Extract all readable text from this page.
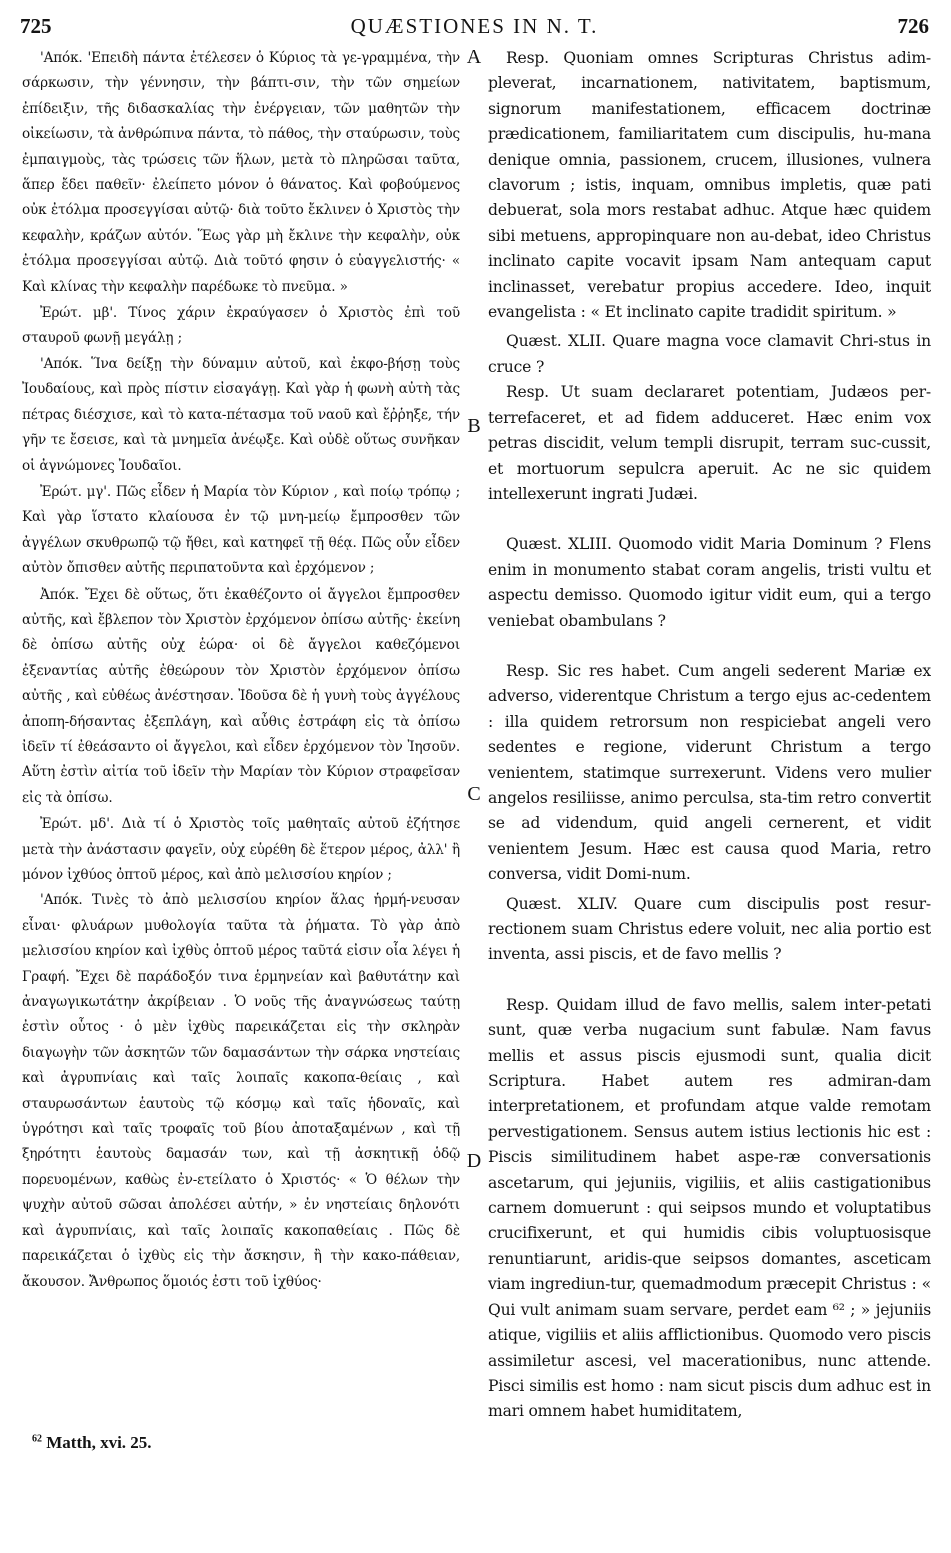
725	QUÆSTIONES IN N. T.	726

'Απόκ. 'Επειδὴ πάντα ἐτέλεσεν ὁ Κύριος τὰ γε-γραμμένα, τὴν σάρκωσιν, τὴν γέννησιν, τὴν βάπτι-σιν, τὴν τῶν σημείων ἐπίδειξιν, τῆς διδασκαλίας τὴν ἐνέργειαν, τῶν μαθητῶν τὴν οἰκείωσιν, τὰ ἀνθρώπινα πάντα, τὸ πάθος, τὴν σταύρωσιν, τοὺς ἐμπαιγμοὺς, τὰς τρώσεις τῶν ἥλων, μετὰ τὸ πληρῶσαι ταῦτα, ἅπερ ἔδει παθεῖν· ἐλείπετο μόνον ὁ θάνατος. Καὶ φοβούμενος οὐκ ἐτόλμα προσεγγίσαι αὐτῷ· διὰ τοῦτο ἔκλινεν ὁ Χριστὸς τὴν κεφαλὴν, κράζων αὐτόν. Ἕως γὰρ μὴ ἔκλινε τὴν κεφαλὴν, οὐκ ἐτόλμα προσεγγίσαι αὐτῷ. Διὰ τοῦτό φησιν ὁ εὐαγγελιστής· « Καὶ κλίνας τὴν κεφαλὴν παρέδωκε τὸ πνεῦμα. »

Ἐρώτ. μβ'. Τίνος χάριν ἐκραύγασεν ὁ Χριστὸς ἐπὶ τοῦ σταυροῦ φωνῇ μεγάλῃ ;

'Απόκ. Ἵνα δείξῃ τὴν δύναμιν αὐτοῦ, καὶ ἐκφο-βήσῃ τοὺς Ἰουδαίους, καὶ πρὸς πίστιν εἰσαγάγῃ. Καὶ γὰρ ἡ φωνὴ αὐτὴ τὰς πέτρας διέσχισε, καὶ τὸ κατα-πέτασμα τοῦ ναοῦ καὶ ἔῤῥηξε, τήν γῆν τε ἔσεισε, καὶ τὰ μνημεῖα ἀνέῳξε. Καὶ οὐδὲ οὕτως συνῆκαν οἱ ἀγνώμονες Ἰουδαῖοι.

Ἐρώτ. μγ'. Πῶς εἶδεν ἡ Μαρία τὸν Κύριον , καὶ ποίῳ τρόπῳ ; Καὶ γὰρ ἵστατο κλαίουσα ἐν τῷ μνη-μείῳ ἔμπροσθεν τῶν ἀγγέλων σκυθρωπῷ τῷ ἤθει, καὶ κατηφεῖ τῇ θέᾳ. Πῶς οὖν εἶδεν αὐτὸν ὄπισθεν αὐτῆς περιπατοῦντα καὶ ἐρχόμενον ;

Ἀπόκ. Ἔχει δὲ οὕτως, ὅτι ἐκαθέζοντο οἱ ἄγγελοι ἔμπροσθεν αὐτῆς, καὶ ἔβλεπον τὸν Χριστὸν ἐρχόμενον ὀπίσω αὐτῆς· ἐκείνη δὲ ὀπίσω αὐτῆς οὐχ ἑώρα· οἱ δὲ ἄγγελοι καθεζόμενοι ἐξεναντίας αὐτῆς ἐθεώρουν τὸν Χριστὸν ἐρχόμενον ὀπίσω αὐτῆς , καὶ εὐθέως ἀνέστησαν. Ἰδοῦσα δὲ ἡ γυνὴ τοὺς ἀγγέλους ἀποπη-δήσαντας ἐξεπλάγη, καὶ αὖθις ἐστράφη εἰς τὰ ὀπίσω ἰδεῖν τί ἐθεάσαντο οἱ ἄγγελοι, καὶ εἶδεν ἐρχόμενον τὸν Ἰησοῦν. Αὕτη ἐστὶν αἰτία τοῦ ἰδεῖν τὴν Μαρίαν τὸν Κύριον στραφεῖσαν εἰς τὰ ὀπίσω.

Ἐρώτ. μδ'. Διὰ τί ὁ Χριστὸς τοῖς μαθηταῖς αὐτοῦ ἐζήτησε μετὰ τὴν ἀνάστασιν φαγεῖν, οὐχ εὑρέθη δὲ ἕτερον μέρος, ἀλλ' ἢ μόνον ἰχθύος ὀπτοῦ μέρος, καὶ ἀπὸ μελισσίου κηρίον ;

'Απόκ. Τινὲς τὸ ἀπὸ μελισσίου κηρίον ἅλας ἡρμή-νευσαν εἶναι· φλυάρων μυθολογία ταῦτα τὰ ῥήματα. Τὸ γὰρ ἀπὸ μελισσίου κηρίον καὶ ἰχθὺς ὀπτοῦ μέρος ταῦτά εἰσιν οἷα λέγει ἡ Γραφή. Ἔχει δὲ παράδοξόν τινα ἑρμηνείαν καὶ βαθυτάτην καὶ ἀναγωγικωτάτην ἀκρίβειαν . Ὁ νοῦς τῆς ἀναγνώσεως ταύτῃ ἐστὶν οὗτος · ὁ μὲν ἰχθὺς παρεικάζεται εἰς τὴν σκληρὰν διαγωγὴν τῶν ἀσκητῶν τῶν δαμασάντων τὴν σάρκα νηστείαις καὶ ἀγρυπνίαις καὶ ταῖς λοιπαῖς κακοπα-θείαις , καὶ σταυρωσάντων ἑαυτοὺς τῷ κόσμῳ καὶ ταῖς ἡδοναῖς, καὶ ὑγρότησι καὶ ταῖς τροφαῖς τοῦ βίου ἀποταξαμένων , καὶ τῇ ξηρότητι ἑαυτοὺς δαμασάν των, καὶ τῇ ἀσκητικῇ ὁδῷ πορευομένων, καθὼς ἐν-ετείλατο ὁ Χριστός· « Ὁ θέλων τὴν ψυχὴν αὐτοῦ σῶσαι ἀπολέσει αὐτήν, » ἐν νηστείαις δηλονότι καὶ ἀγρυπνίαις, καὶ ταῖς λοιπαῖς κακοπαθείαις . Πῶς δὲ παρεικάζεται ὁ ἰχθὺς εἰς τὴν ἄσκησιν, ἢ τὴν κακο-πάθειαν, ἄκουσον. Ἄνθρωπος ὅμοιός ἐστι τοῦ ἰχθύος·

A
B
C
D

Resp. Quoniam omnes Scripturas Christus adim-pleverat, incarnationem, nativitatem, baptismum, signorum manifestationem, efficacem doctrinæ prædicationem, familiaritatem cum discipulis, hu-mana denique omnia, passionem, crucem, illusiones, vulnera clavorum ; istis, inquam, omnibus impletis, quæ pati debuerat, sola mors restabat adhuc. Atque hæc quidem sibi metuens, appropinquare non au-debat, ideo Christus inclinato capite vocavit ipsam Nam antequam caput inclinasset, verebatur propius accedere. Ideo, inquit evangelista : « Et inclinato capite tradidit spiritum. »

Quæst. XLII. Quare magna voce clamavit Chri-stus in cruce ?

Resp. Ut suam declararet potentiam, Judæos per-terrefaceret, et ad fidem adduceret. Hæc enim vox petras discidit, velum templi disrupit, terram suc-cussit, et mortuorum sepulcra aperuit. Ac ne sic quidem intellexerunt ingrati Judæi.

Quæst. XLIII. Quomodo vidit Maria Dominum ? Flens enim in monumento stabat coram angelis, tristi vultu et aspectu demisso. Quomodo igitur vidit eum, qui a tergo veniebat obambulans ?

Resp. Sic res habet. Cum angeli sederent Mariæ ex adverso, viderentque Christum a tergo ejus ac-cedentem : illa quidem retrorsum non respiciebat angeli vero sedentes e regione, viderunt Christum a tergo venientem, statimque surrexerunt. Videns vero mulier angelos resiliisse, animo perculsa, sta-tim retro convertit se ad videndum, quid angeli cernerent, et vidit venientem Jesum. Hæc est causa quod Maria, retro conversa, vidit Domi-num.

Quæst. XLIV. Quare cum discipulis post resur-rectionem suam Christus edere voluit, nec alia portio est inventa, assi piscis, et de favo mellis ?

Resp. Quidam illud de favo mellis, salem inter-petati sunt, quæ verba nugacium sunt fabulæ. Nam favus mellis et assus piscis ejusmodi sunt, qualia dicit Scriptura. Habet autem res admiran-dam interpretationem, et profundam atque valde remotam pervestigationem. Sensus autem istius lectionis hic est : Piscis similitudinem habet aspe-ræ conversationis ascetarum, qui jejuniis, vigiliis, et aliis castigationibus carnem domuerunt : qui seipsos mundo et voluptatibus crucifixerunt, et qui humidis cibis voluptuosisque renuntiarunt, aridis-que seipsos domantes, asceticam viam ingrediun-tur, quemadmodum præcepit Christus : « Qui vult animam suam servare, perdet eam ⁶² ; » jejuniis atique, vigiliis et aliis afflictionibus. Quomodo vero piscis assimiletur ascesi, vel macerationibus, nunc attende. Pisci similis est homo : nam sicut piscis dum adhuc est in mari omnem habet humiditatem,

$^{62}$ Matth, xvi. 25.
